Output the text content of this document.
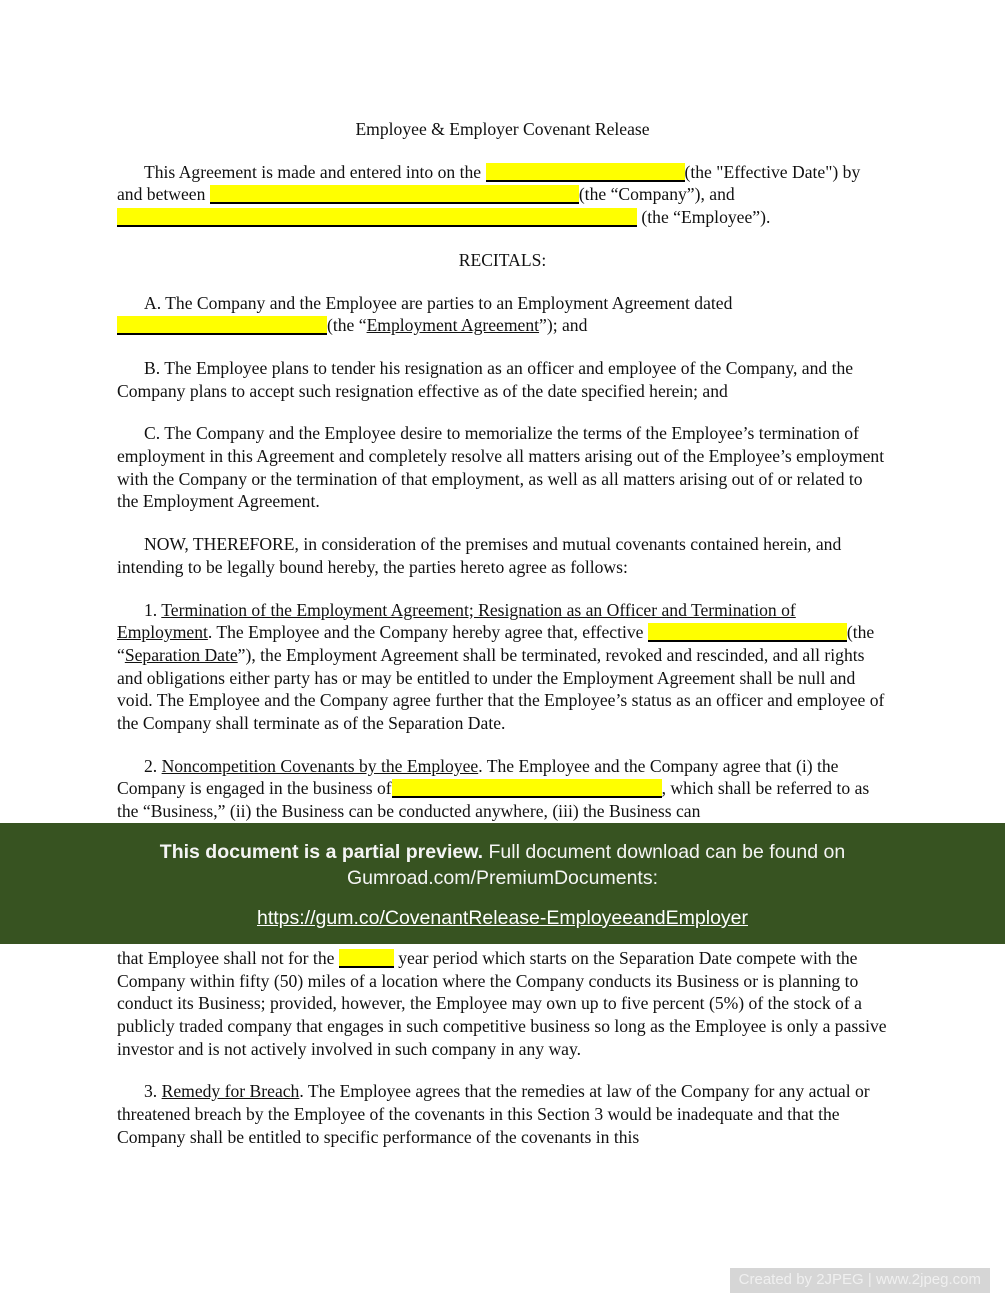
Employee & Employer Covenant Release

This Agreement is made and entered into on the	(the "Effective Date") by and between	(the “Company”), and  (the “Employee”).

RECITALS:

A. The Company and the Employee are parties to an Employment Agreement dated (the “Employment Agreement”); and

B. The Employee plans to tender his resignation as an officer and employee of the Company, and the Company plans to accept such resignation effective as of the date specified herein; and

C. The Company and the Employee desire to memorialize the terms of the Employee’s termination of employment in this Agreement and completely resolve all matters arising out of the Employee’s employment with the Company or the termination of that employment, as well as all matters arising out of or related to the Employment Agreement.

NOW, THEREFORE, in consideration of the premises and mutual covenants contained herein, and intending to be legally bound hereby, the parties hereto agree as follows:

1. Termination of the Employment Agreement; Resignation as an Officer and Termination of Employment. The Employee and the Company hereby agree that, effective	(the “Separation Date”), the Employment Agreement shall be terminated, revoked and rescinded, and all rights and obligations either party has or may be entitled to under the Employment Agreement shall be null and void. The Employee and the Company agree further that the Employee’s status as an officer and employee of the Company shall terminate as of the Separation Date.

2. Noncompetition Covenants by the Employee. The Employee and the Company agree that (i) the Company is engaged in the business of	, which shall be referred to as the “Business,” (ii) the Business can be conducted anywhere, (iii) the Business can

This document is a partial preview. Full document download can be found on Gumroad.com/PremiumDocuments:

https://gum.co/CovenantRelease-EmployeeandEmployer

that Employee shall not for the	year period which starts on the Separation Date compete with the Company within fifty (50) miles of a location where the Company conducts its Business or is planning to conduct its Business; provided, however, the Employee may own up to five percent (5%) of the stock of a publicly traded company that engages in such competitive business so long as the Employee is only a passive investor and is not actively involved in such company in any way.

3. Remedy for Breach. The Employee agrees that the remedies at law of the Company for any actual or threatened breach by the Employee of the covenants in this Section 3 would be inadequate and that the Company shall be entitled to specific performance of the covenants in this

Created by 2JPEG | www.2jpeg.com
